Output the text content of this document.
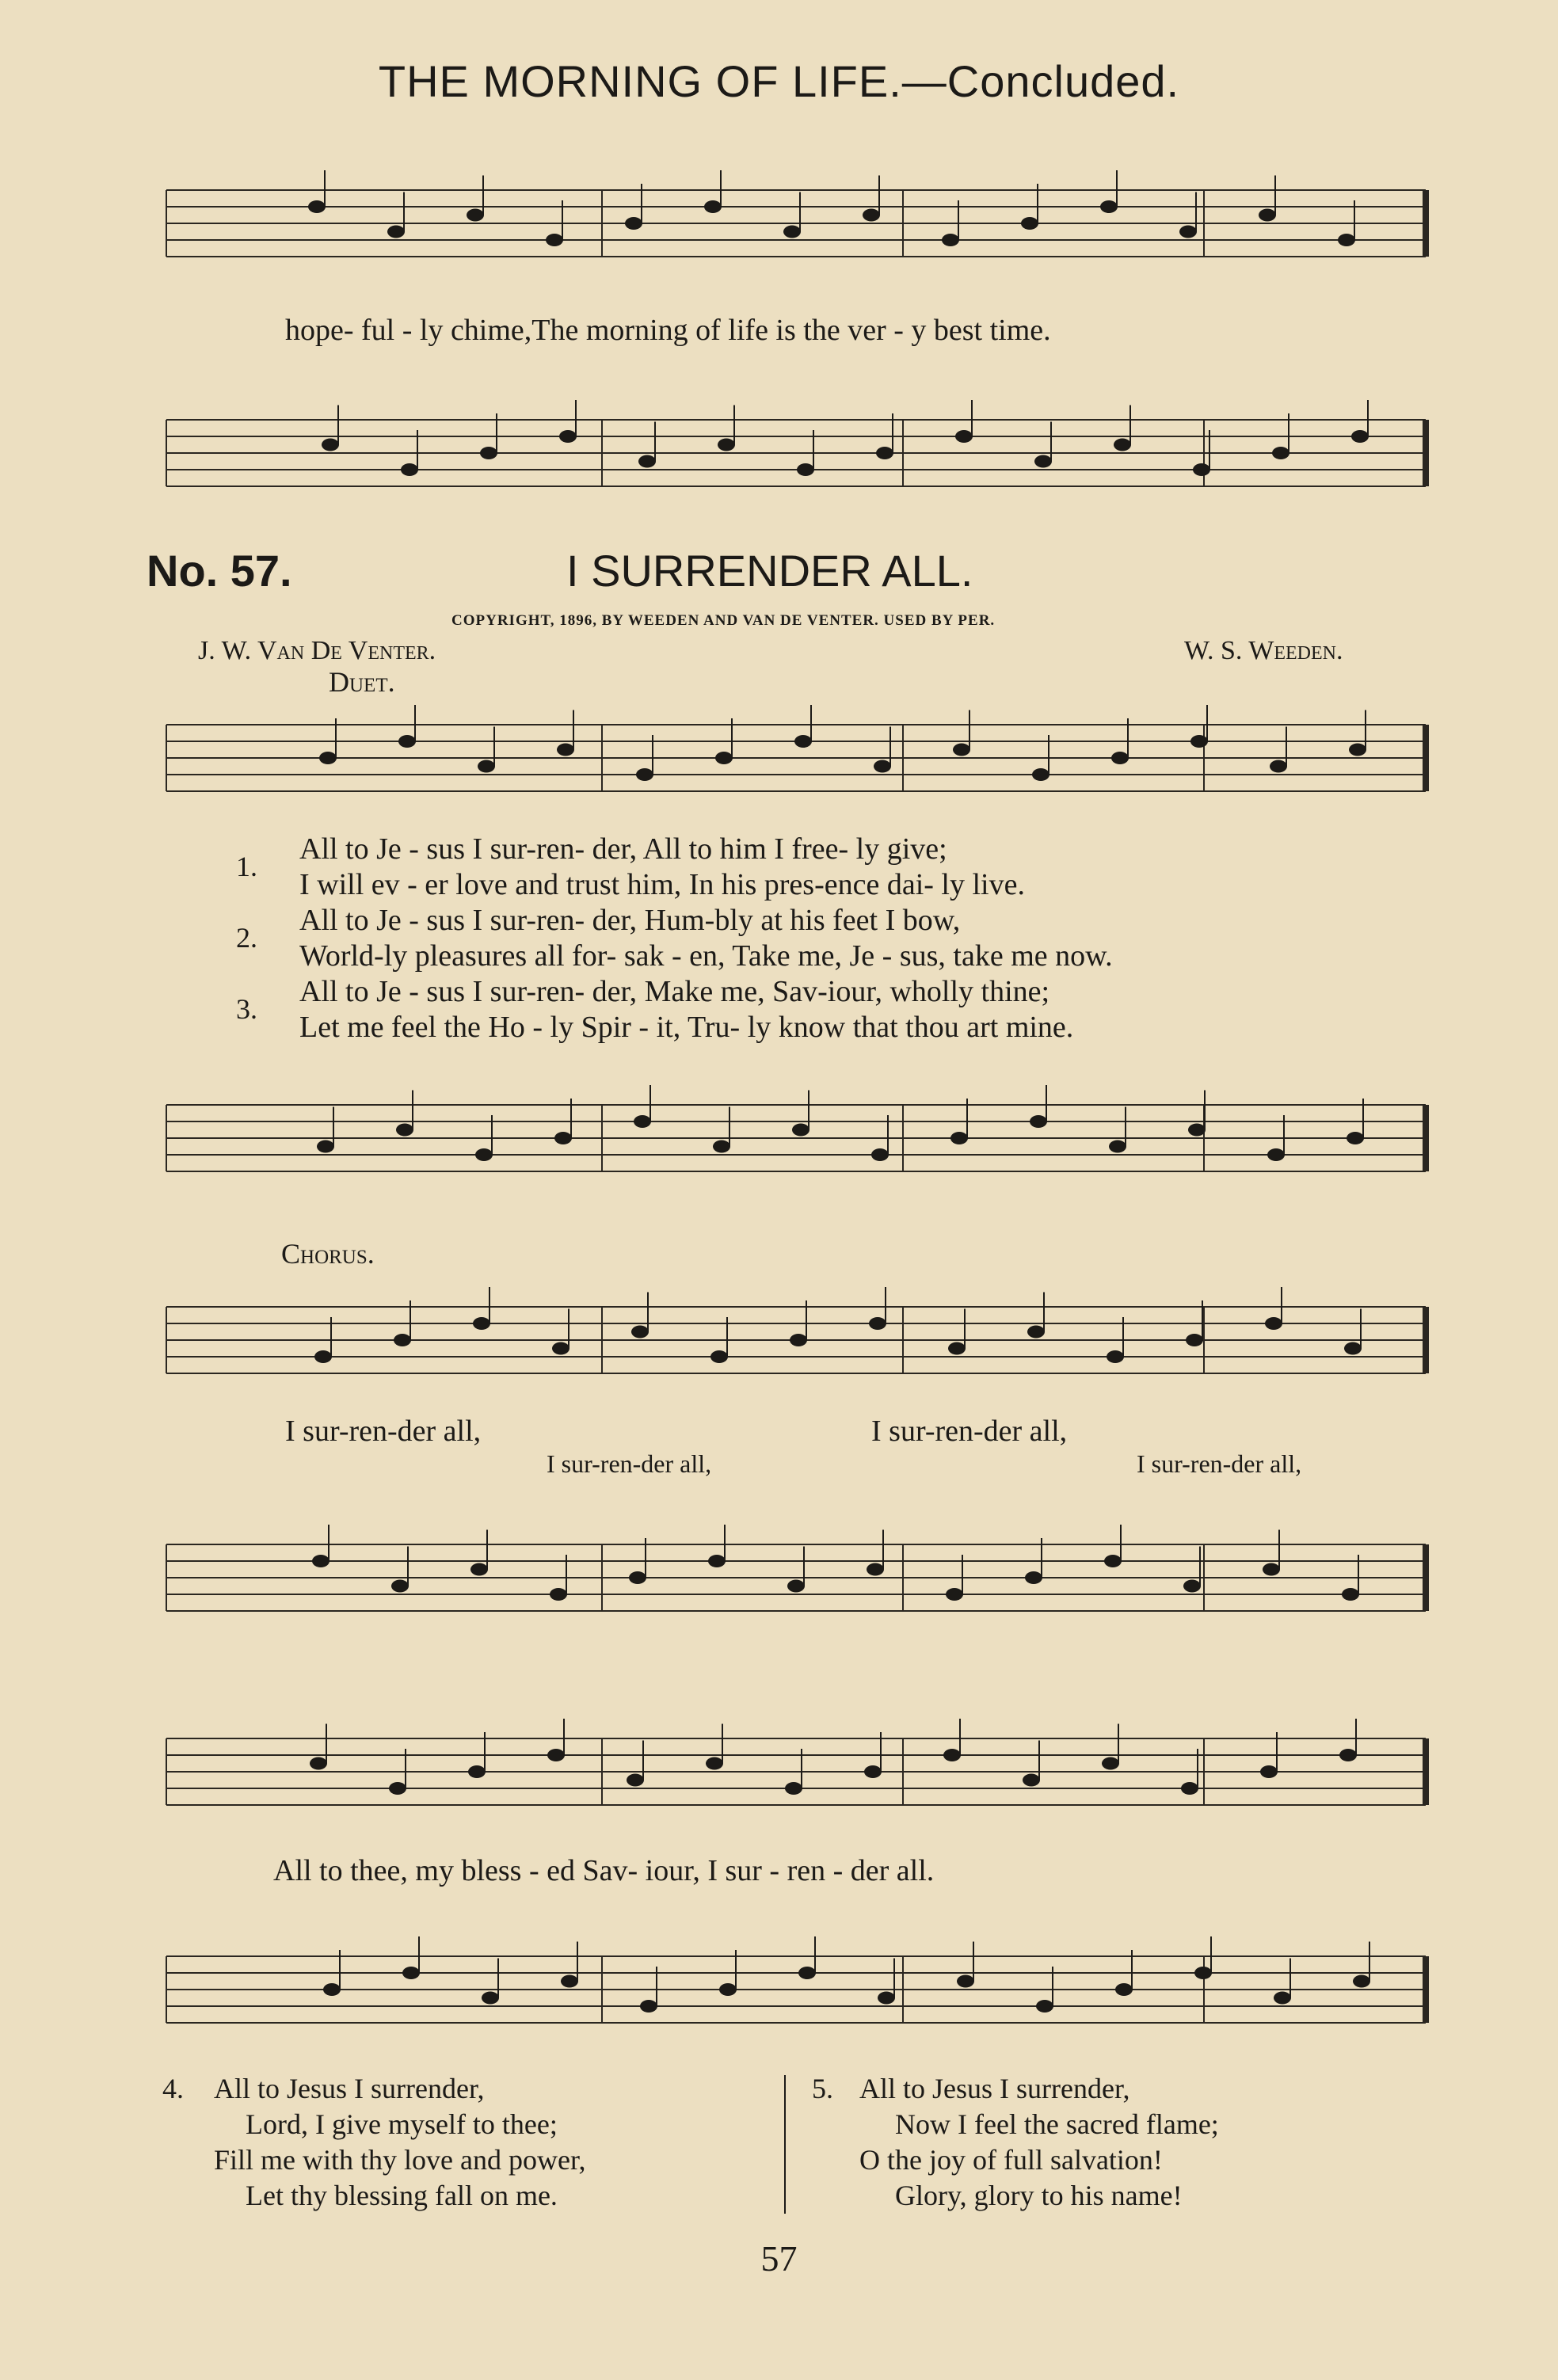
THE MORNING OF LIFE.—Concluded.
hope- ful - ly chime,The morning of life is the ver - y best time.
No. 57.	I SURRENDER ALL.
COPYRIGHT, 1896, BY WEEDEN AND VAN DE VENTER. USED BY PER.
J. W. Van De Venter.	W. S. Weeden.
Duet.
1.
All to Je - sus I sur-ren- der, All to him I free- ly give;
I will ev - er love and trust him, In his pres-ence dai- ly live.
2.
All to Je - sus I sur-ren- der, Hum-bly at his feet I bow,
World-ly pleasures all for- sak - en, Take me, Je - sus, take me now.
3.
All to Je - sus I sur-ren- der, Make me, Sav-iour, wholly thine;
Let me feel the Ho - ly Spir - it, Tru- ly know that thou art mine.
Chorus.
I sur-ren-der all,	I sur-ren-der all,
I sur-ren-der all,	I sur-ren-der all,
All to thee, my bless - ed Sav- iour, I sur - ren - der all.
4. All to Jesus I surrender,
Lord, I give myself to thee;
Fill me with thy love and power,
Let thy blessing fall on me.
5. All to Jesus I surrender,
Now I feel the sacred flame;
O the joy of full salvation!
Glory, glory to his name!
57
